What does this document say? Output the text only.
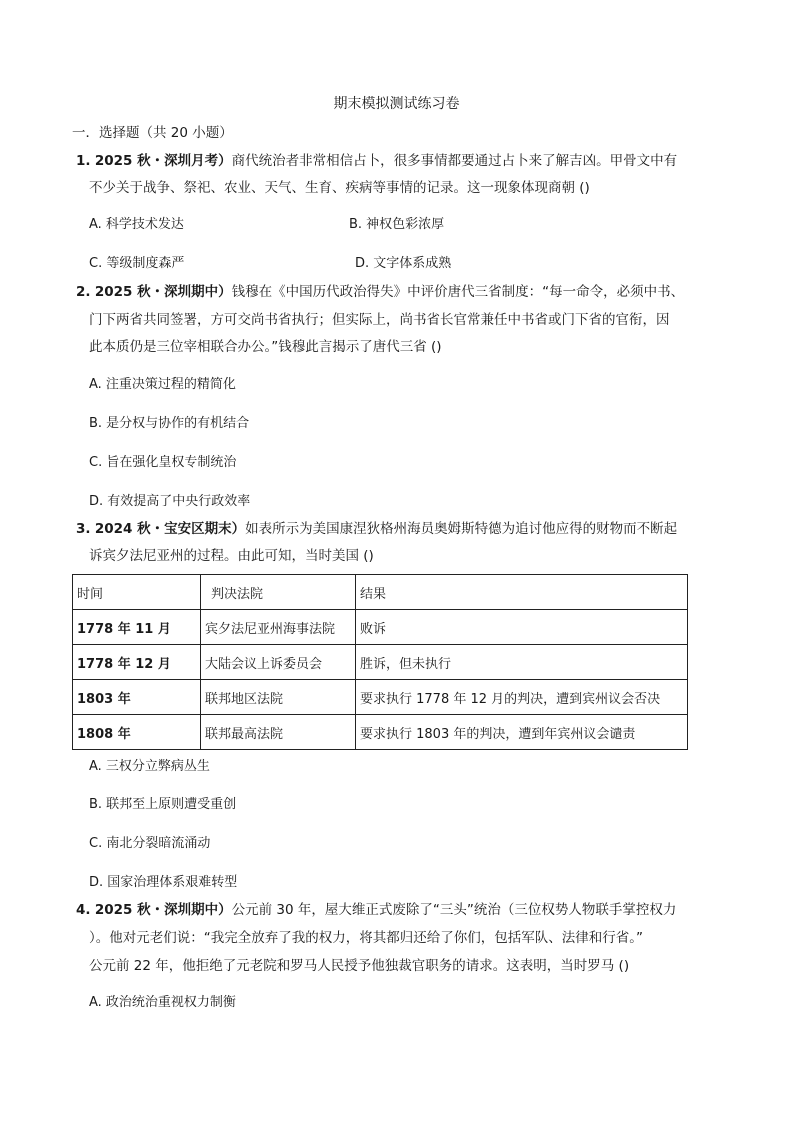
期末模拟测试练习卷
一．选择题（共 20 小题）
1. 2025 秋・深圳月考）商代统治者非常相信占卜，很多事情都要通过占卜来了解吉凶。甲骨文中有
不少关于战争、祭祀、农业、天气、生育、疾病等事情的记录。这一现象体现商朝 ()
A. 科学技术发达	B. 神权色彩浓厚
C. 等级制度森严	D. 文字体系成熟
2. 2025 秋・深圳期中）钱穆在《中国历代政治得失》中评价唐代三省制度：“每一命令，必须中书、
门下两省共同签署，方可交尚书省执行；但实际上，尚书省长官常兼任中书省或门下省的官衔，因
此本质仍是三位宰相联合办公。”钱穆此言揭示了唐代三省 ()
A. 注重决策过程的精简化
B. 是分权与协作的有机结合
C. 旨在强化皇权专制统治
D. 有效提高了中央行政效率
3. 2024 秋・宝安区期末）如表所示为美国康涅狄格州海员奥姆斯特德为追讨他应得的财物而不断起
诉宾夕法尼亚州的过程。由此可知，当时美国 ()
时间	判决法院	结果
1778 年 11 月	宾夕法尼亚州海事法院	败诉
1778 年 12 月	大陆会议上诉委员会	胜诉，但未执行
1803 年	联邦地区法院	要求执行 1778 年 12 月的判决，遭到宾州议会否决
1808 年	联邦最高法院	要求执行 1803 年的判决，遭到年宾州议会谴责
A. 三权分立弊病丛生
B. 联邦至上原则遭受重创
C. 南北分裂暗流涌动
D. 国家治理体系艰难转型
4. 2025 秋・深圳期中）公元前 30 年，屋大维正式废除了“三头”统治（三位权势人物联手掌控权力
）。他对元老们说：“我完全放弃了我的权力，将其都归还给了你们，包括军队、法律和行省。”
公元前 22 年，他拒绝了元老院和罗马人民授予他独裁官职务的请求。这表明，当时罗马 ()
A. 政治统治重视权力制衡
